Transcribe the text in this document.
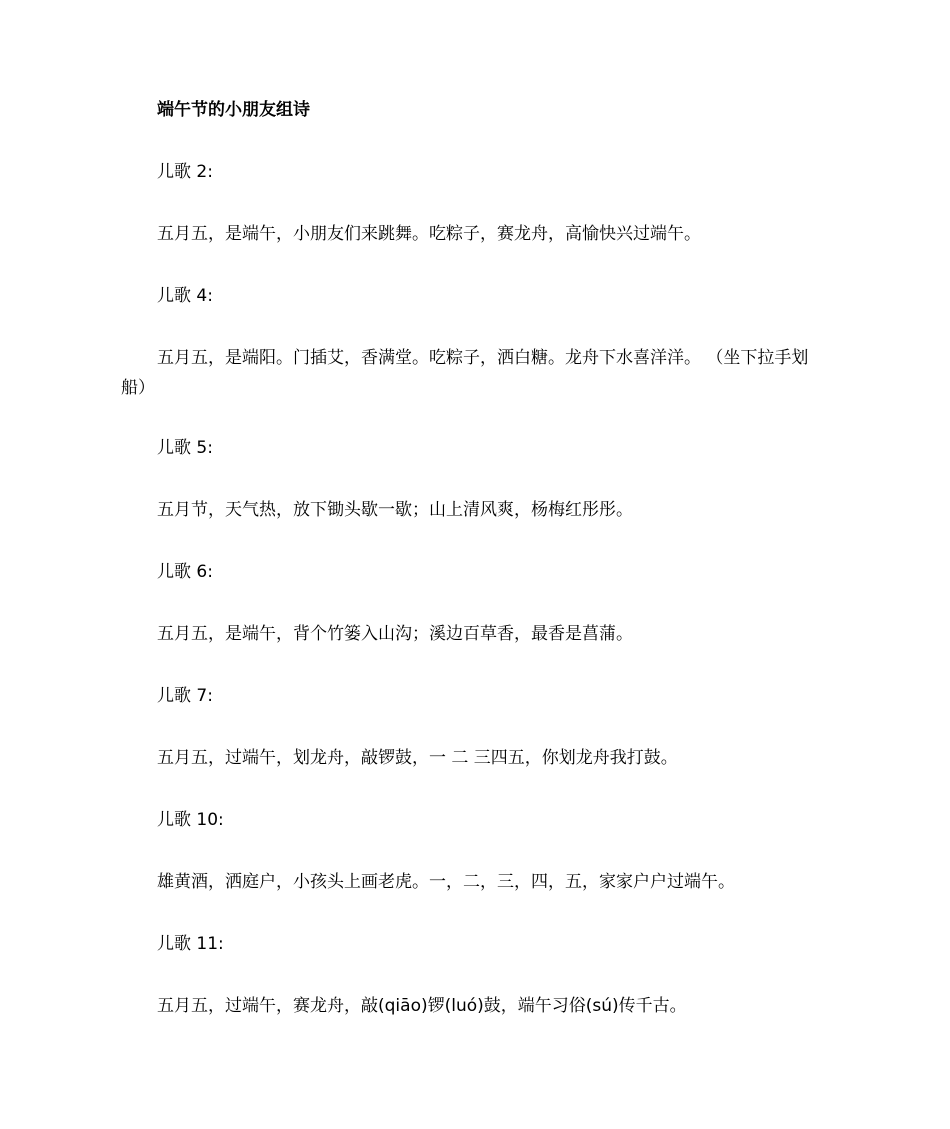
端午节的小朋友组诗
儿歌 2:
五月五，是端午，小朋友们来跳舞。吃粽子，赛龙舟，高愉快兴过端午。
儿歌 4:
五月五，是端阳。门插艾，香满堂。吃粽子，洒白糖。龙舟下水喜洋洋。 （坐下拉手划船）
儿歌 5:
五月节，天气热，放下锄头歇一歇；山上清风爽，杨梅红彤彤。
儿歌 6:
五月五，是端午，背个竹篓入山沟；溪边百草香，最香是菖蒲。
儿歌 7:
五月五，过端午，划龙舟，敲锣鼓，一 二 三四五，你划龙舟我打鼓。
儿歌 10:
雄黄酒，洒庭户，小孩头上画老虎。一，二，三，四，五，家家户户过端午。
儿歌 11:
五月五，过端午，赛龙舟，敲(qiāo)锣(luó)鼓，端午习俗(sú)传千古。
